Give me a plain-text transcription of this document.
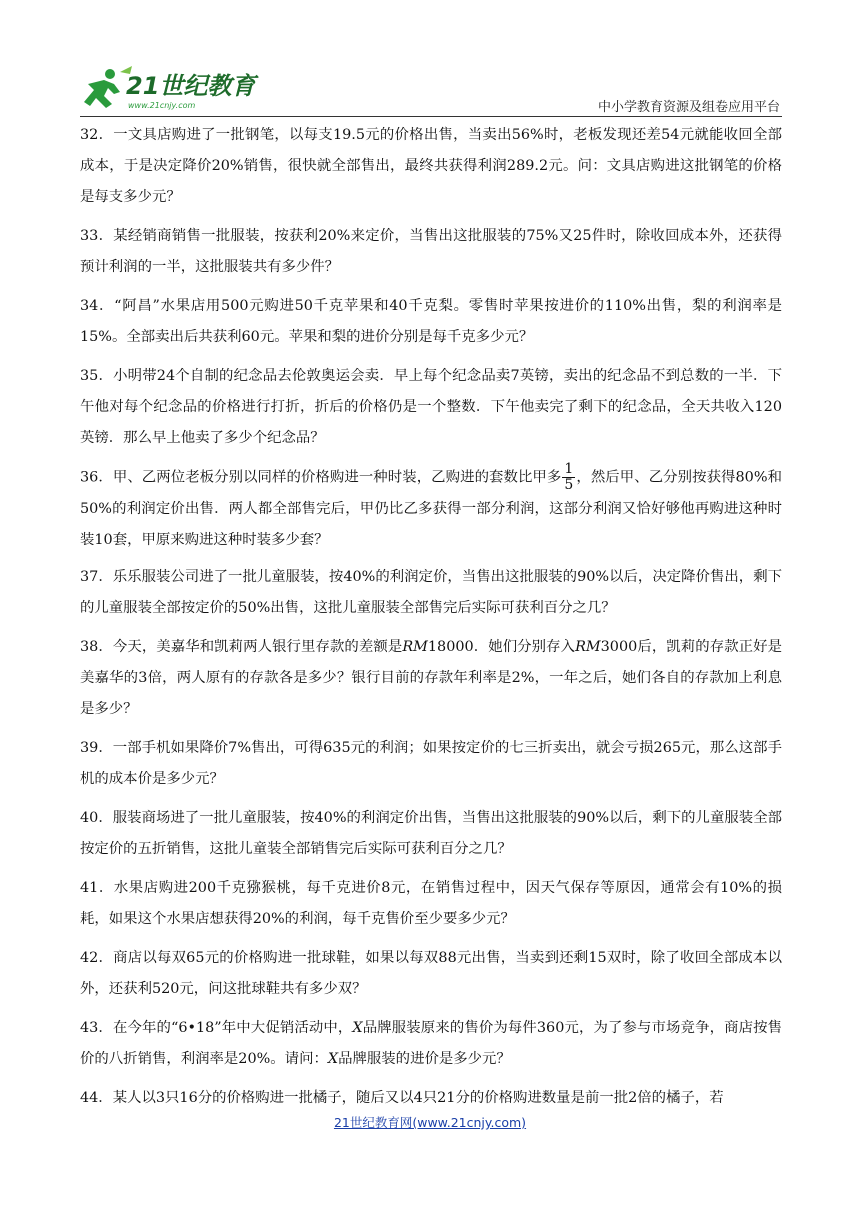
21世纪教育
www.21cnjy.com	中小学教育资源及组卷应用平台
32．一文具店购进了一批钢笔，以每支19.5元的价格出售，当卖出56%时，老板发现还差54元就能收回全部成本，于是决定降价20%销售，很快就全部售出，最终共获得利润289.2元。问：文具店购进这批钢笔的价格是每支多少元？
33．某经销商销售一批服装，按获利20%来定价，当售出这批服装的75%又25件时，除收回成本外，还获得预计利润的一半，这批服装共有多少件？
34．“阿昌”水果店用500元购进50千克苹果和40千克梨。零售时苹果按进价的110%出售，梨的利润率是15%。全部卖出后共获利60元。苹果和梨的进价分别是每千克多少元？
35．小明带24个自制的纪念品去伦敦奥运会卖．早上每个纪念品卖7英镑，卖出的纪念品不到总数的一半．下午他对每个纪念品的价格进行打折，折后的价格仍是一个整数．下午他卖完了剩下的纪念品，全天共收入120英镑．那么早上他卖了多少个纪念品？
36．甲、乙两位老板分别以同样的价格购进一种时装，乙购进的套数比甲多 $\frac{1}{5}$ ，然后甲、乙分别按获得80%和50%的利润定价出售．两人都全部售完后，甲仍比乙多获得一部分利润，这部分利润又恰好够他再购进这种时装10套，甲原来购进这种时装多少套？
37．乐乐服装公司进了一批儿童服装，按40%的利润定价，当售出这批服装的90%以后，决定降价售出，剩下的儿童服装全部按定价的50%出售，这批儿童服装全部售完后实际可获利百分之几？
38．今天，美嘉华和凯莉两人银行里存款的差额是RM18000．她们分别存入RM3000后，凯莉的存款正好是美嘉华的3倍，两人原有的存款各是多少？银行目前的存款年利率是2%，一年之后，她们各自的存款加上利息是多少？
39．一部手机如果降价7%售出，可得635元的利润；如果按定价的七三折卖出，就会亏损265元，那么这部手机的成本价是多少元？
40．服装商场进了一批儿童服装，按40%的利润定价出售，当售出这批服装的90%以后，剩下的儿童服装全部按定价的五折销售，这批儿童装全部销售完后实际可获利百分之几？
41．水果店购进200千克猕猴桃，每千克进价8元，在销售过程中，因天气保存等原因，通常会有10%的损耗，如果这个水果店想获得20%的利润，每千克售价至少要多少元？
42．商店以每双65元的价格购进一批球鞋，如果以每双88元出售，当卖到还剩15双时，除了收回全部成本以外，还获利520元，问这批球鞋共有多少双？
43．在今年的“6•18”年中大促销活动中，X品牌服装原来的售价为每件360元，为了参与市场竞争，商店按售价的八折销售，利润率是20%。请问：X品牌服装的进价是多少元？
44．某人以3只16分的价格购进一批橘子，随后又以4只21分的价格购进数量是前一批2倍的橘子，若
21世纪教育网(www.21cnjy.com)
